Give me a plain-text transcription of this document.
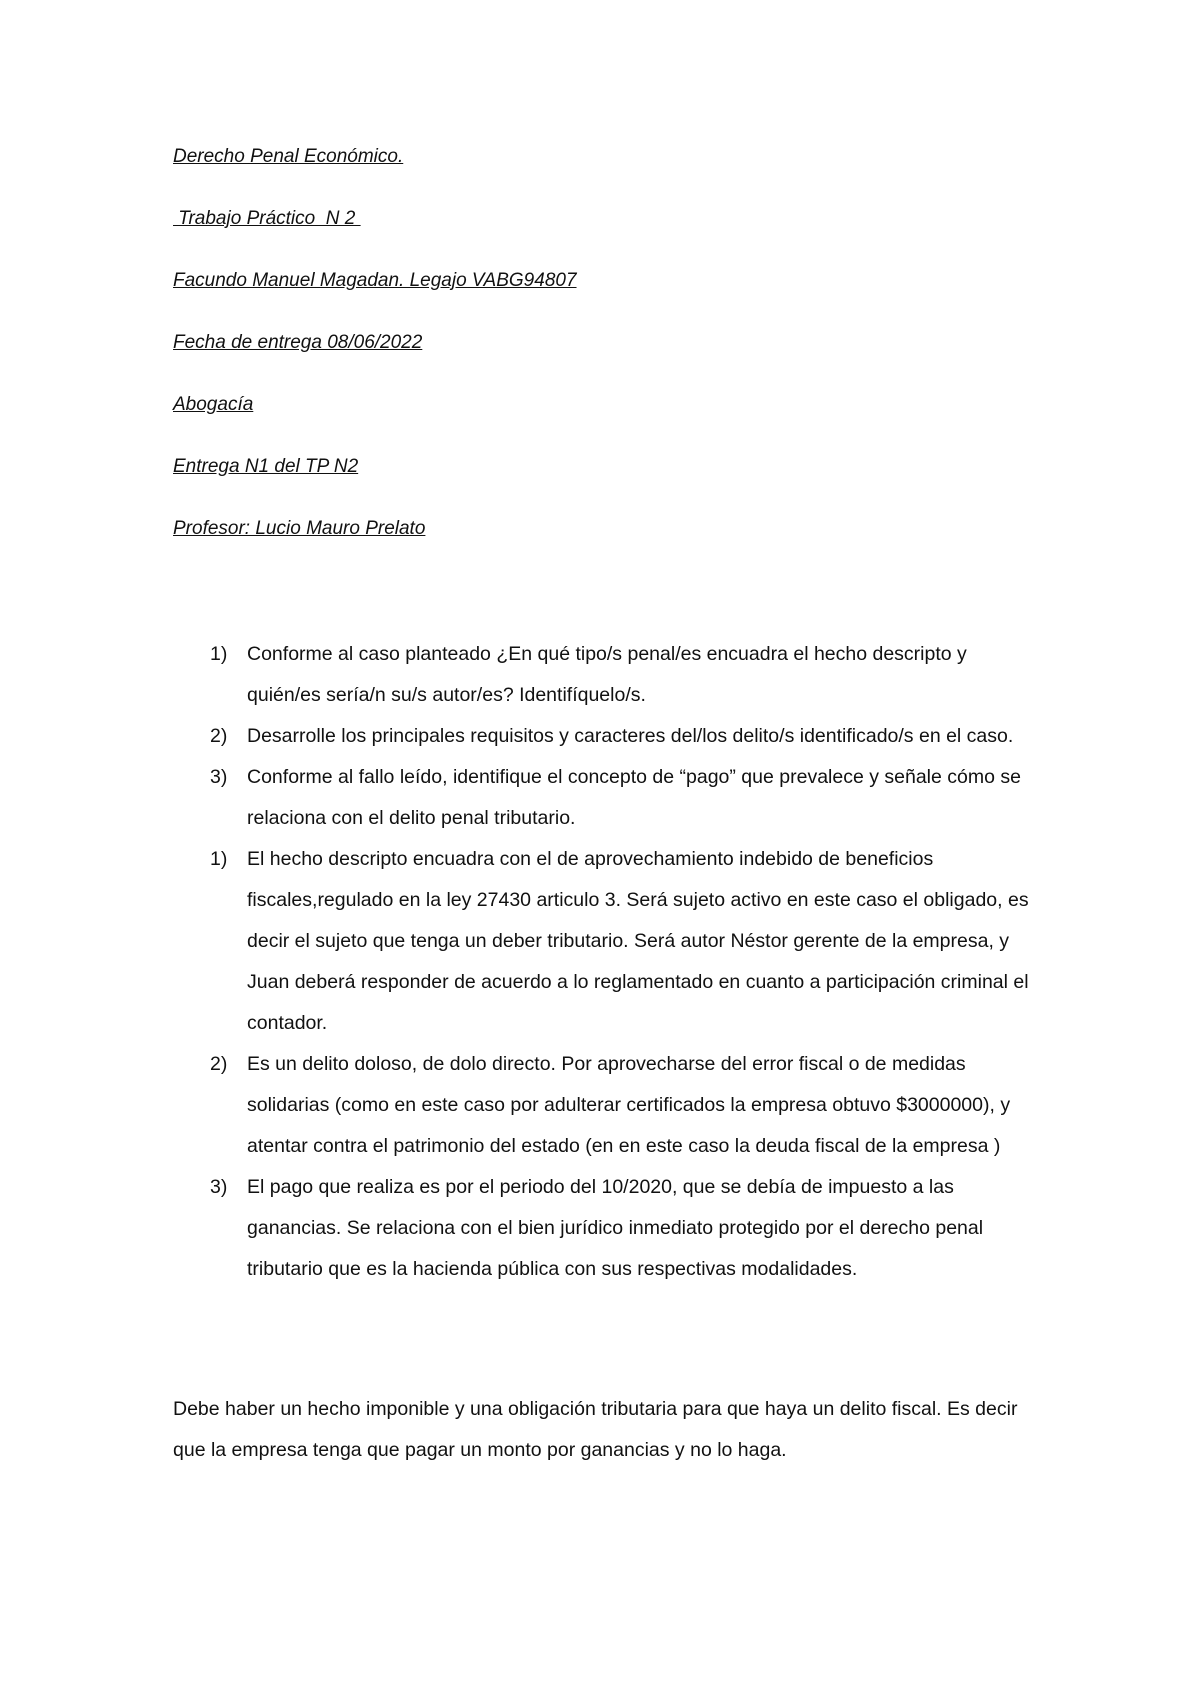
Derecho Penal Económico.
Trabajo Práctico  N 2
Facundo Manuel Magadan. Legajo VABG94807
Fecha de entrega 08/06/2022
Abogacía
Entrega N1 del TP N2
Profesor: Lucio Mauro Prelato
1)	Conforme al caso planteado ¿En qué tipo/s penal/es encuadra el hecho descripto y quién/es sería/n su/s autor/es? Identifíquelo/s.
2)	Desarrolle los principales requisitos y caracteres del/los delito/s identificado/s en el caso.
3)	Conforme al fallo leído, identifique el concepto de “pago” que prevalece y señale cómo se relaciona con el delito penal tributario.
1)	El hecho descripto encuadra con el de aprovechamiento indebido de beneficios fiscales,regulado en la ley 27430 articulo 3. Será sujeto activo en este caso el obligado, es decir el sujeto que tenga un deber tributario. Será autor Néstor gerente de la empresa, y Juan deberá responder de acuerdo a lo reglamentado en cuanto a participación criminal el contador.
2)	Es un delito doloso, de dolo directo. Por aprovecharse del error fiscal o de medidas solidarias (como en este caso por adulterar certificados la empresa obtuvo $3000000), y atentar contra el patrimonio del estado (en en este caso la deuda fiscal de la empresa )
3)	El pago que realiza es por el periodo del 10/2020, que se debía de impuesto a las ganancias. Se relaciona con el bien jurídico inmediato protegido por el derecho penal tributario que es la hacienda pública con sus respectivas modalidades.
Debe haber un hecho imponible y una obligación tributaria para que haya un delito fiscal. Es decir que la empresa tenga que pagar un monto por ganancias y no lo haga.
